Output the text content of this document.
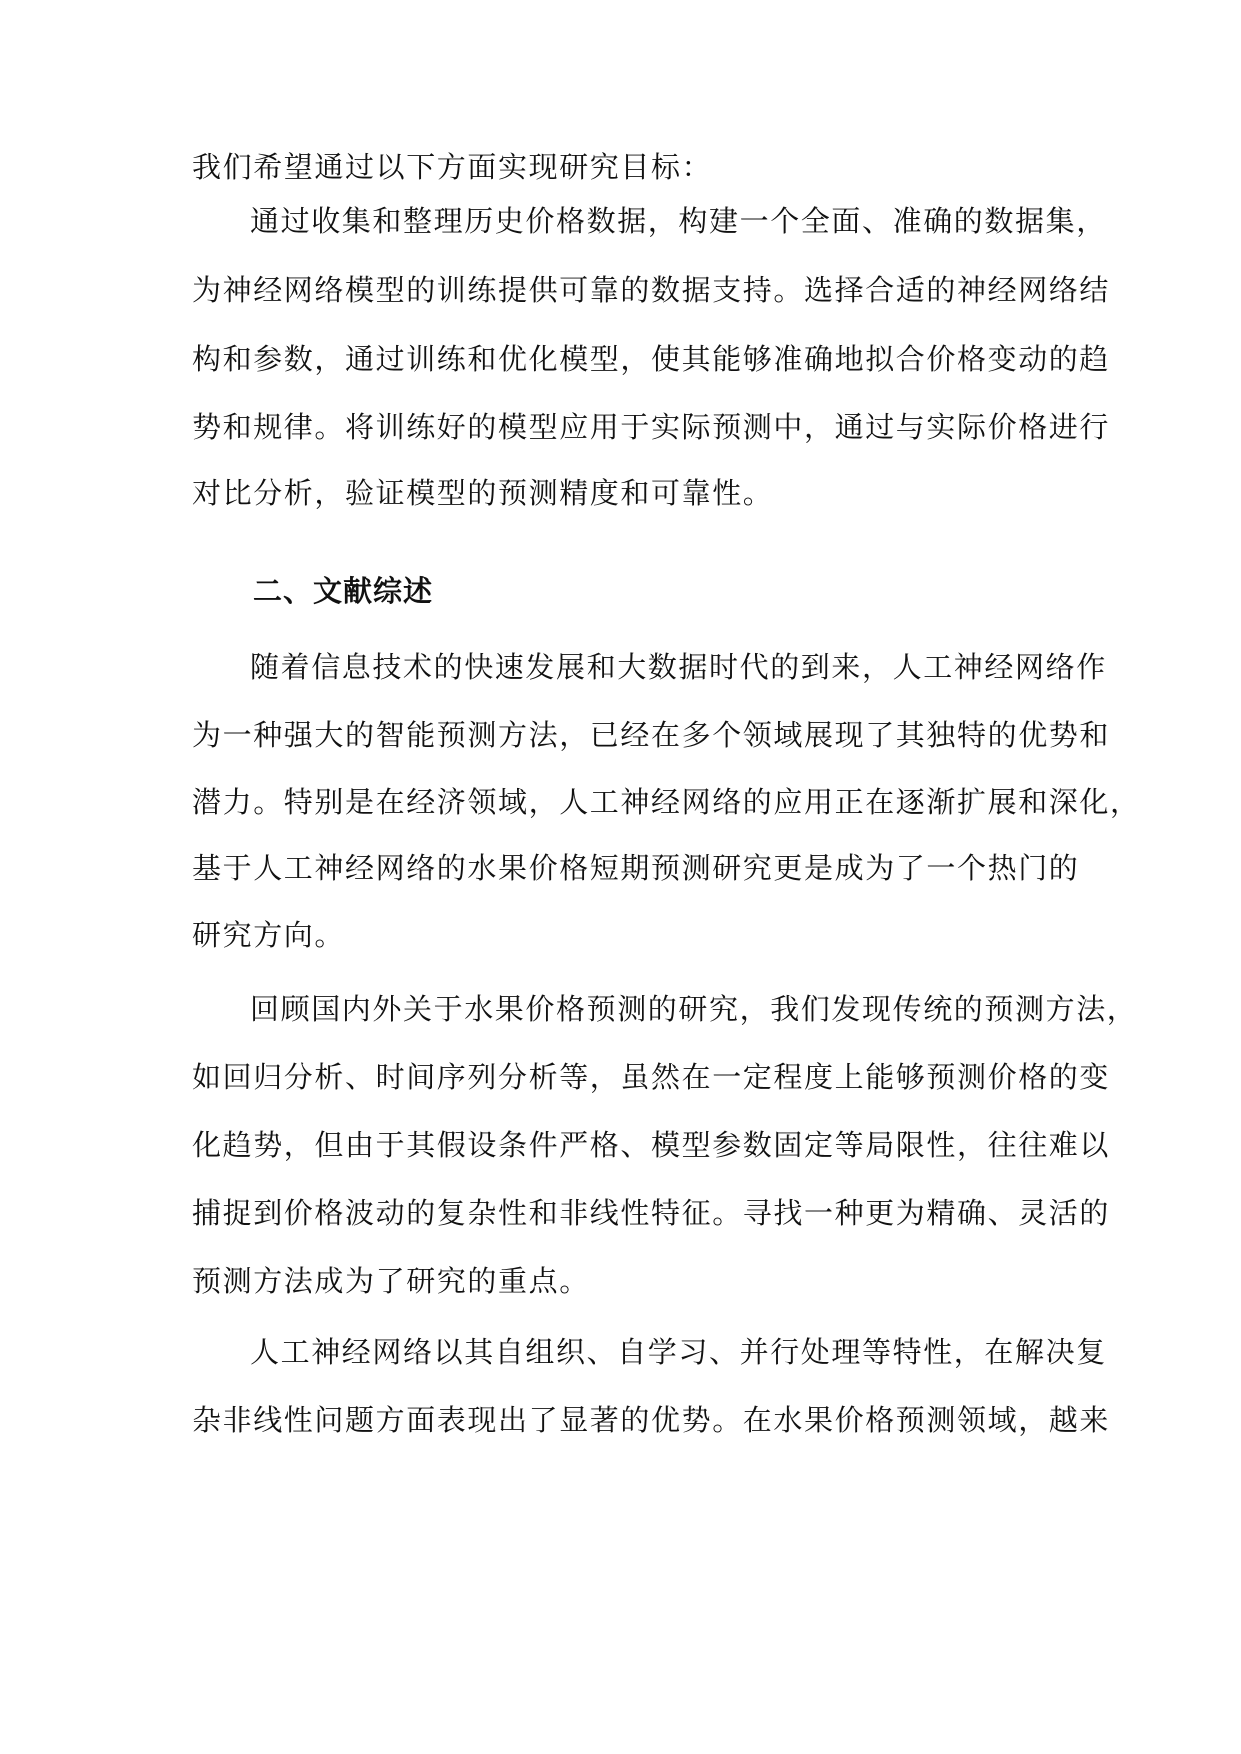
我们希望通过以下方面实现研究目标：
通过收集和整理历史价格数据，构建一个全面、准确的数据集，
为神经网络模型的训练提供可靠的数据支持。选择合适的神经网络结
构和参数，通过训练和优化模型，使其能够准确地拟合价格变动的趋
势和规律。将训练好的模型应用于实际预测中，通过与实际价格进行
对比分析，验证模型的预测精度和可靠性。
二、文献综述
随着信息技术的快速发展和大数据时代的到来，人工神经网络作
为一种强大的智能预测方法，已经在多个领域展现了其独特的优势和
潜力。特别是在经济领域，人工神经网络的应用正在逐渐扩展和深化，
基于人工神经网络的水果价格短期预测研究更是成为了一个热门的
研究方向。
回顾国内外关于水果价格预测的研究，我们发现传统的预测方法，
如回归分析、时间序列分析等，虽然在一定程度上能够预测价格的变
化趋势，但由于其假设条件严格、模型参数固定等局限性，往往难以
捕捉到价格波动的复杂性和非线性特征。寻找一种更为精确、灵活的
预测方法成为了研究的重点。
人工神经网络以其自组织、自学习、并行处理等特性，在解决复
杂非线性问题方面表现出了显著的优势。在水果价格预测领域，越来
